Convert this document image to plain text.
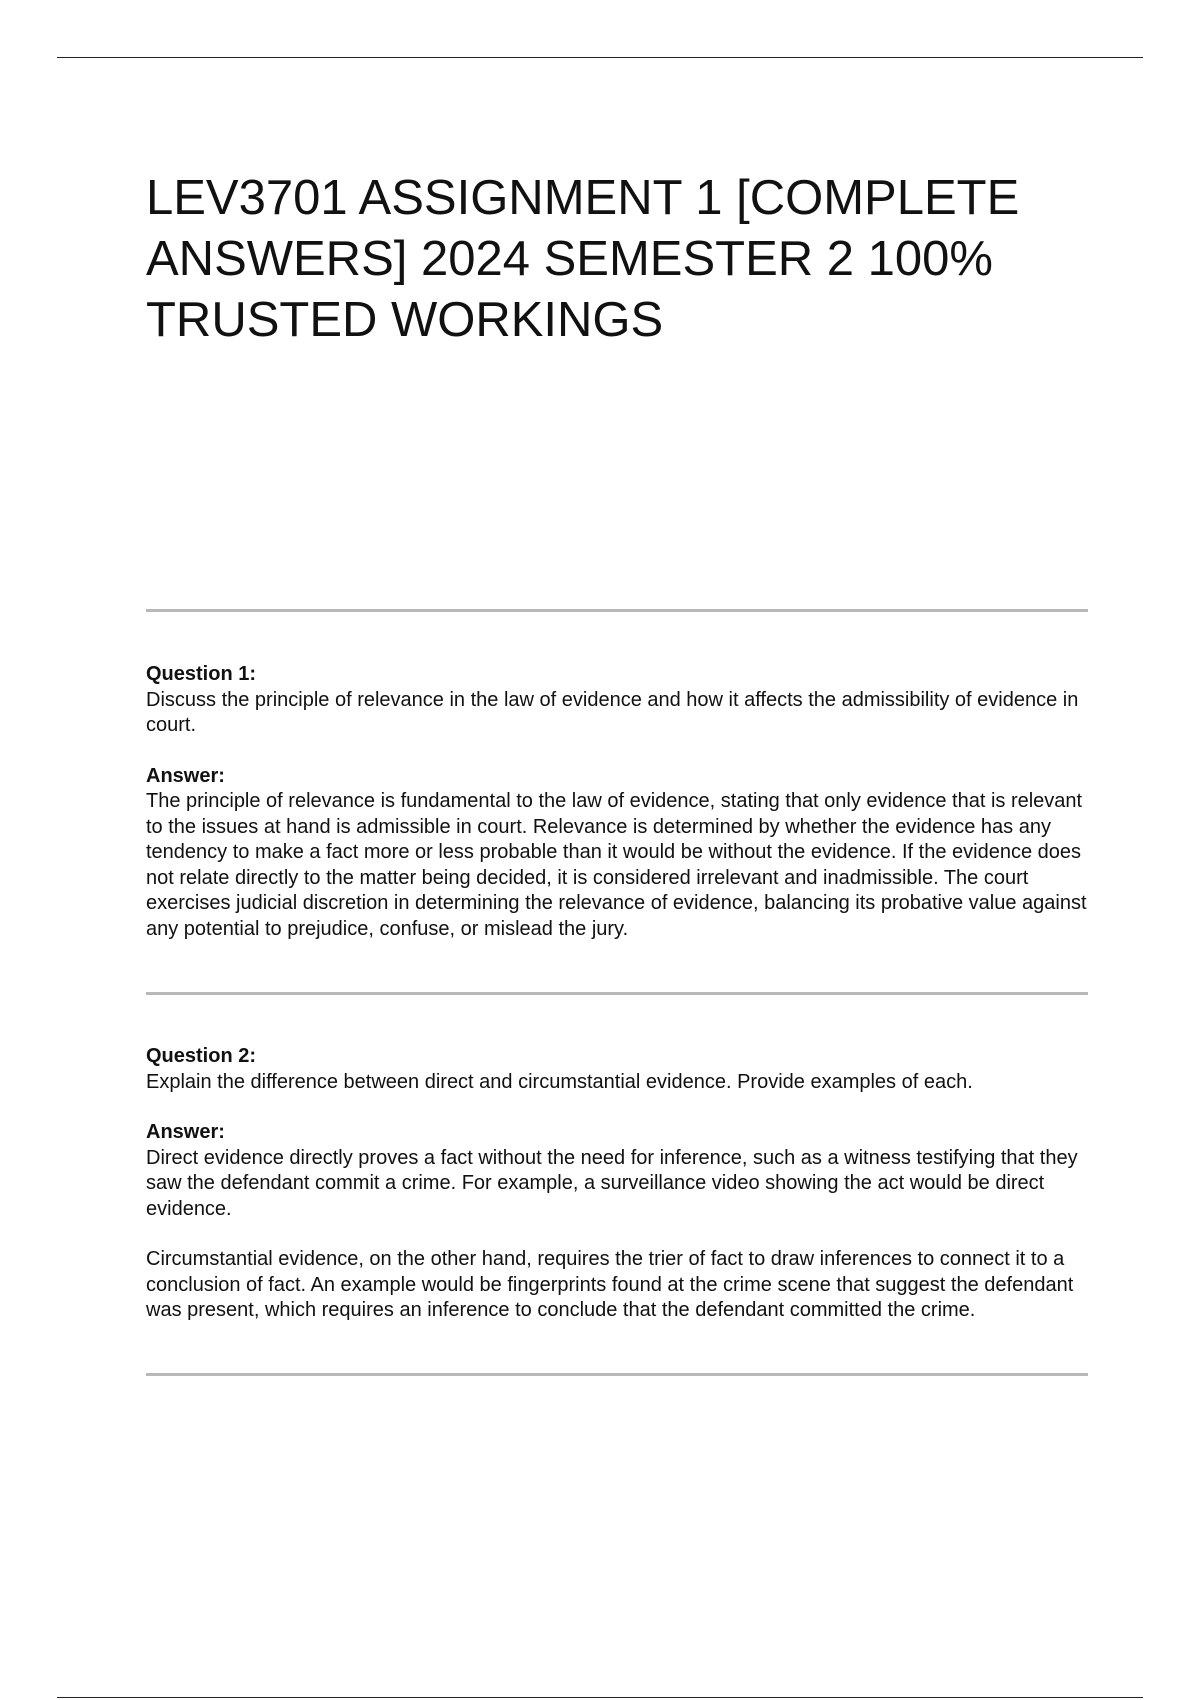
LEV3701 ASSIGNMENT 1 [COMPLETE ANSWERS] 2024 SEMESTER 2 100% TRUSTED WORKINGS

Question 1:

Discuss the principle of relevance in the law of evidence and how it affects the admissibility of evidence in court.

Answer:

The principle of relevance is fundamental to the law of evidence, stating that only evidence that is relevant to the issues at hand is admissible in court. Relevance is determined by whether the evidence has any tendency to make a fact more or less probable than it would be without the evidence. If the evidence does not relate directly to the matter being decided, it is considered irrelevant and inadmissible. The court exercises judicial discretion in determining the relevance of evidence, balancing its probative value against any potential to prejudice, confuse, or mislead the jury.

Question 2:

Explain the difference between direct and circumstantial evidence. Provide examples of each.

Answer:

Direct evidence directly proves a fact without the need for inference, such as a witness testifying that they saw the defendant commit a crime. For example, a surveillance video showing the act would be direct evidence.

Circumstantial evidence, on the other hand, requires the trier of fact to draw inferences to connect it to a conclusion of fact. An example would be fingerprints found at the crime scene that suggest the defendant was present, which requires an inference to conclude that the defendant committed the crime.
